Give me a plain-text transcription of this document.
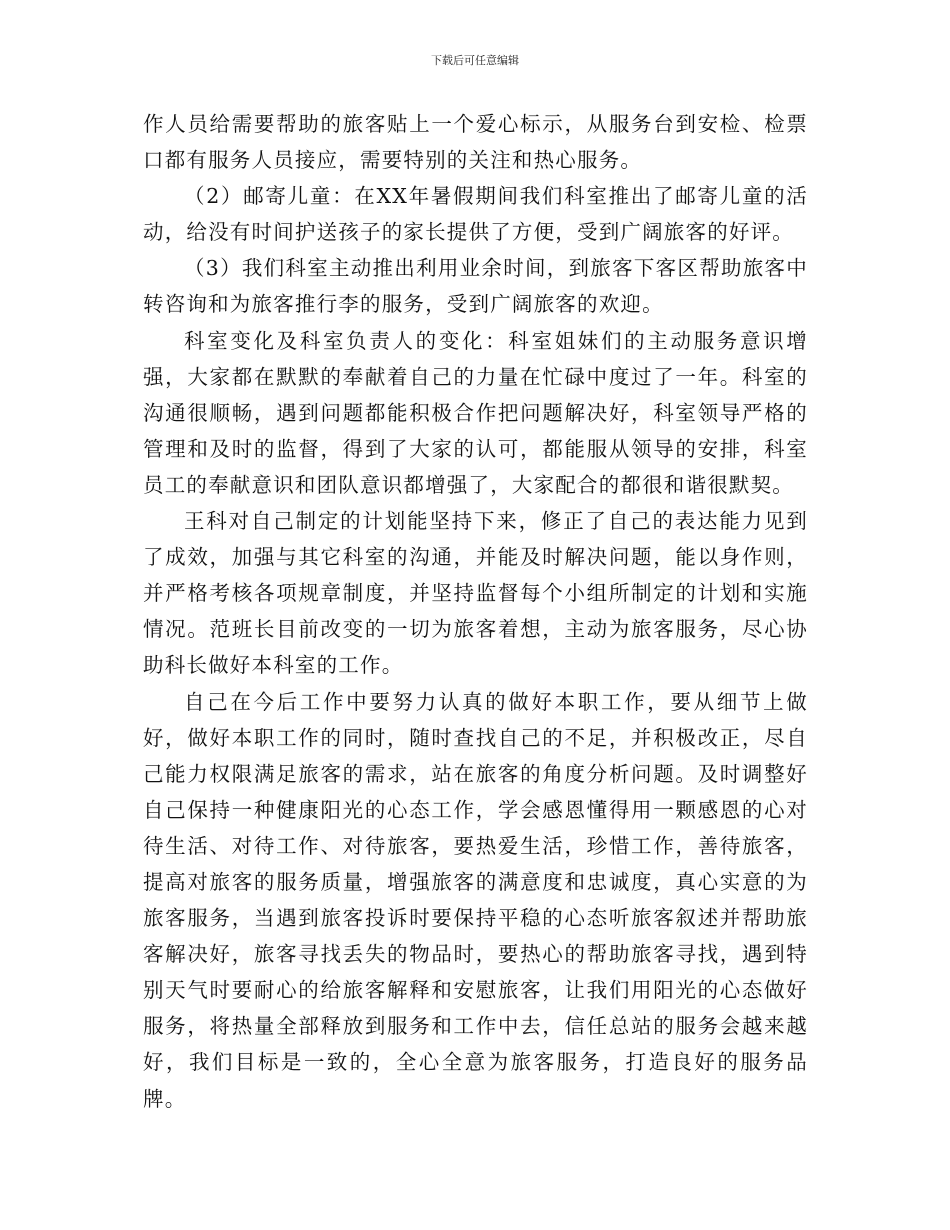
下载后可任意编辑

作人员给需要帮助的旅客贴上一个爱心标示，从服务台到安检、检票口都有服务人员接应，需要特别的关注和热心服务。

（2）邮寄儿童：在XX年暑假期间我们科室推出了邮寄儿童的活动，给没有时间护送孩子的家长提供了方便，受到广阔旅客的好评。

（3）我们科室主动推出利用业余时间，到旅客下客区帮助旅客中转咨询和为旅客推行李的服务，受到广阔旅客的欢迎。

科室变化及科室负责人的变化：科室姐妹们的主动服务意识增强，大家都在默默的奉献着自己的力量在忙碌中度过了一年。科室的沟通很顺畅，遇到问题都能积极合作把问题解决好，科室领导严格的管理和及时的监督，得到了大家的认可，都能服从领导的安排，科室员工的奉献意识和团队意识都增强了，大家配合的都很和谐很默契。

王科对自己制定的计划能坚持下来，修正了自己的表达能力见到了成效，加强与其它科室的沟通，并能及时解决问题，能以身作则，并严格考核各项规章制度，并坚持监督每个小组所制定的计划和实施情况。范班长目前改变的一切为旅客着想，主动为旅客服务，尽心协助科长做好本科室的工作。

自己在今后工作中要努力认真的做好本职工作，要从细节上做好，做好本职工作的同时，随时查找自己的不足，并积极改正，尽自己能力权限满足旅客的需求，站在旅客的角度分析问题。及时调整好自己保持一种健康阳光的心态工作，学会感恩懂得用一颗感恩的心对待生活、对待工作、对待旅客，要热爱生活，珍惜工作，善待旅客，提高对旅客的服务质量，增强旅客的满意度和忠诚度，真心实意的为旅客服务，当遇到旅客投诉时要保持平稳的心态听旅客叙述并帮助旅客解决好，旅客寻找丢失的物品时，要热心的帮助旅客寻找，遇到特别天气时要耐心的给旅客解释和安慰旅客，让我们用阳光的心态做好服务，将热量全部释放到服务和工作中去，信任总站的服务会越来越好，我们目标是一致的，全心全意为旅客服务，打造良好的服务品牌。
